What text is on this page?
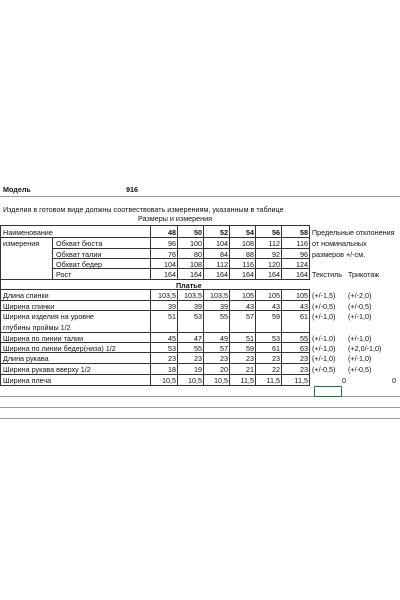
Модель	916
Изделия в готовом виде должны соотвествовать измерениям, указанным в таблице
Размеры и измерения
Наименование	48	50	52	54	56	58 Предельные отклонения
измерения Обхват бюста	96	100	104	108	112	116 от номинальных
Обхват талии	76	80	84	88	92	96 размеров +/-см.
Обхват бедер	104	108	112	116	120	124
Рост	164	164	164	164	164	164 Текстиль Трикотаж
Платье
Длина спинки	103,5	103,5	103,5	105	105	105 (+/-1,5) (+/-2,0)
Ширина спинки	39	39	39	43	43	43 (+/-0,5) (+/-0,5)
Ширина изделия на уровне	51	53	55	57	59	61 (+/-1,0) (+/-1,0)
глубины проймы 1/2
Ширина по линии талии	45	47	49	51	53	55 (+/-1,0) (+/-1,0)
Ширина по линии бедер(низа) 1/2	53	55	57	59	61	63 (+/-1,0) (+2,0/-1,0)
Длина рукава	23	23	23	23	23	23 (+/-1,0) (+/-1,0)
Ширина рукава вверху 1/2	18	19	20	21	22	23 (+/-0,5) (+/-0,5)
Ширина плеча	10,5	10,5	10,5	11,5	11,5	11,5	0	0
